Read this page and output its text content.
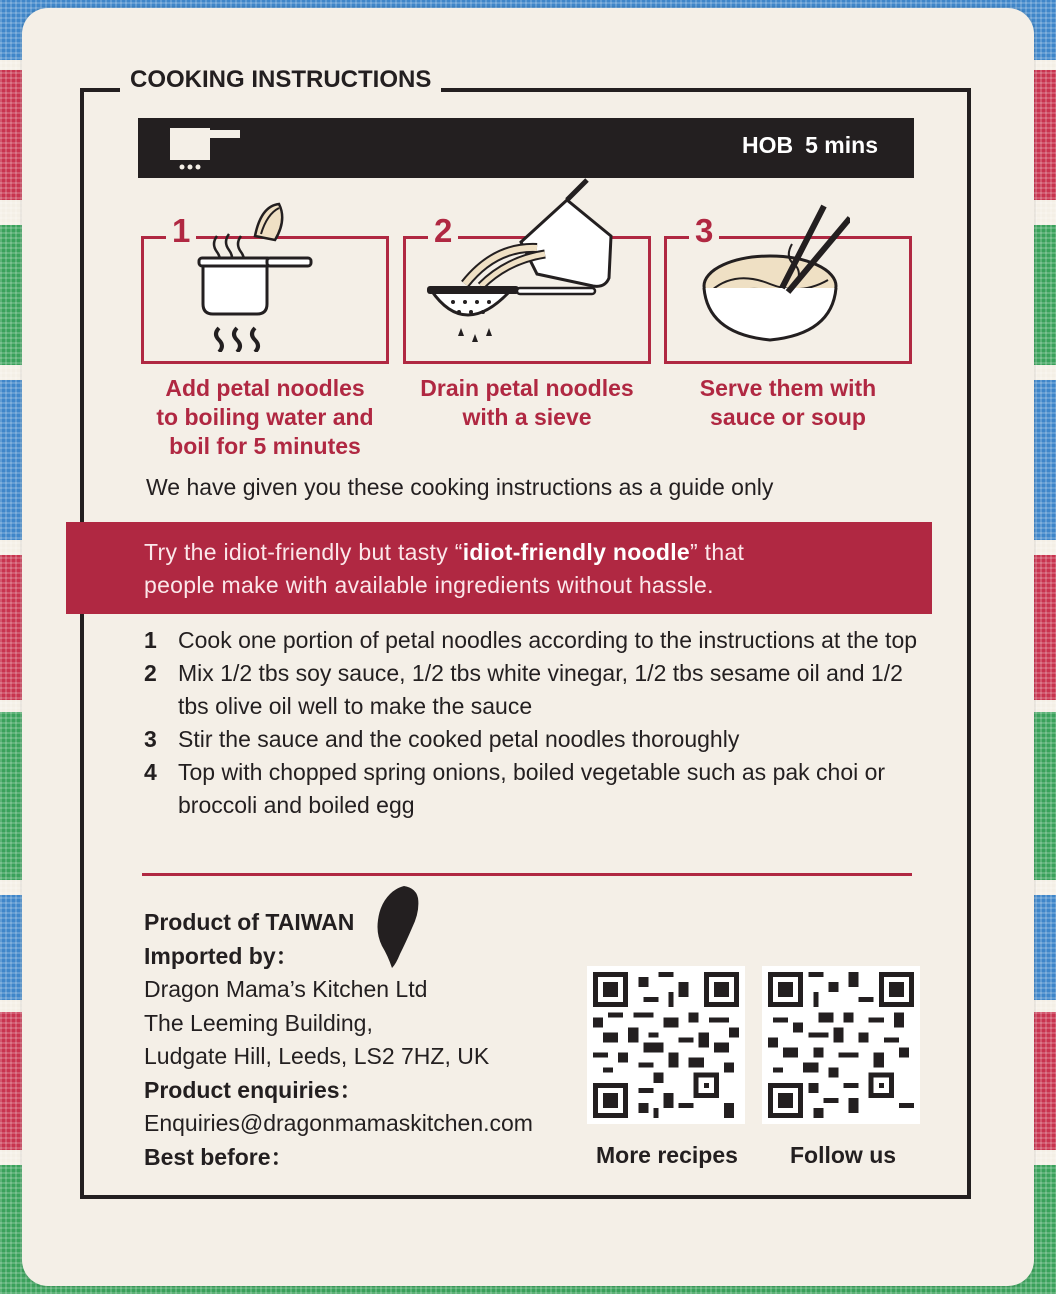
COOKING INSTRUCTIONS
HOB 5 mins
1	2	3
Add petal noodles
to boiling water and
boil for 5 minutes
Drain petal noodles
with a sieve
Serve them with
sauce or soup
We have given you these cooking instructions as a guide only
Try the idiot-friendly but tasty “idiot-friendly noodle” that
people make with available ingredients without hassle.
1 Cook one portion of petal noodles according to the instructions at the top
2 Mix 1/2 tbs soy sauce, 1/2 tbs white vinegar, 1/2 tbs sesame oil and 1/2 tbs olive oil well to make the sauce
3 Stir the sauce and the cooked petal noodles thoroughly
4 Top with chopped spring onions, boiled vegetable such as pak choi or broccoli and boiled egg
Product of TAIWAN
Imported by：
Dragon Mama’s Kitchen Ltd
The Leeming Building,
Ludgate Hill, Leeds, LS2 7HZ, UK
Product enquiries：
Enquiries@dragonmamaskitchen.com
Best before：	More recipes Follow us
